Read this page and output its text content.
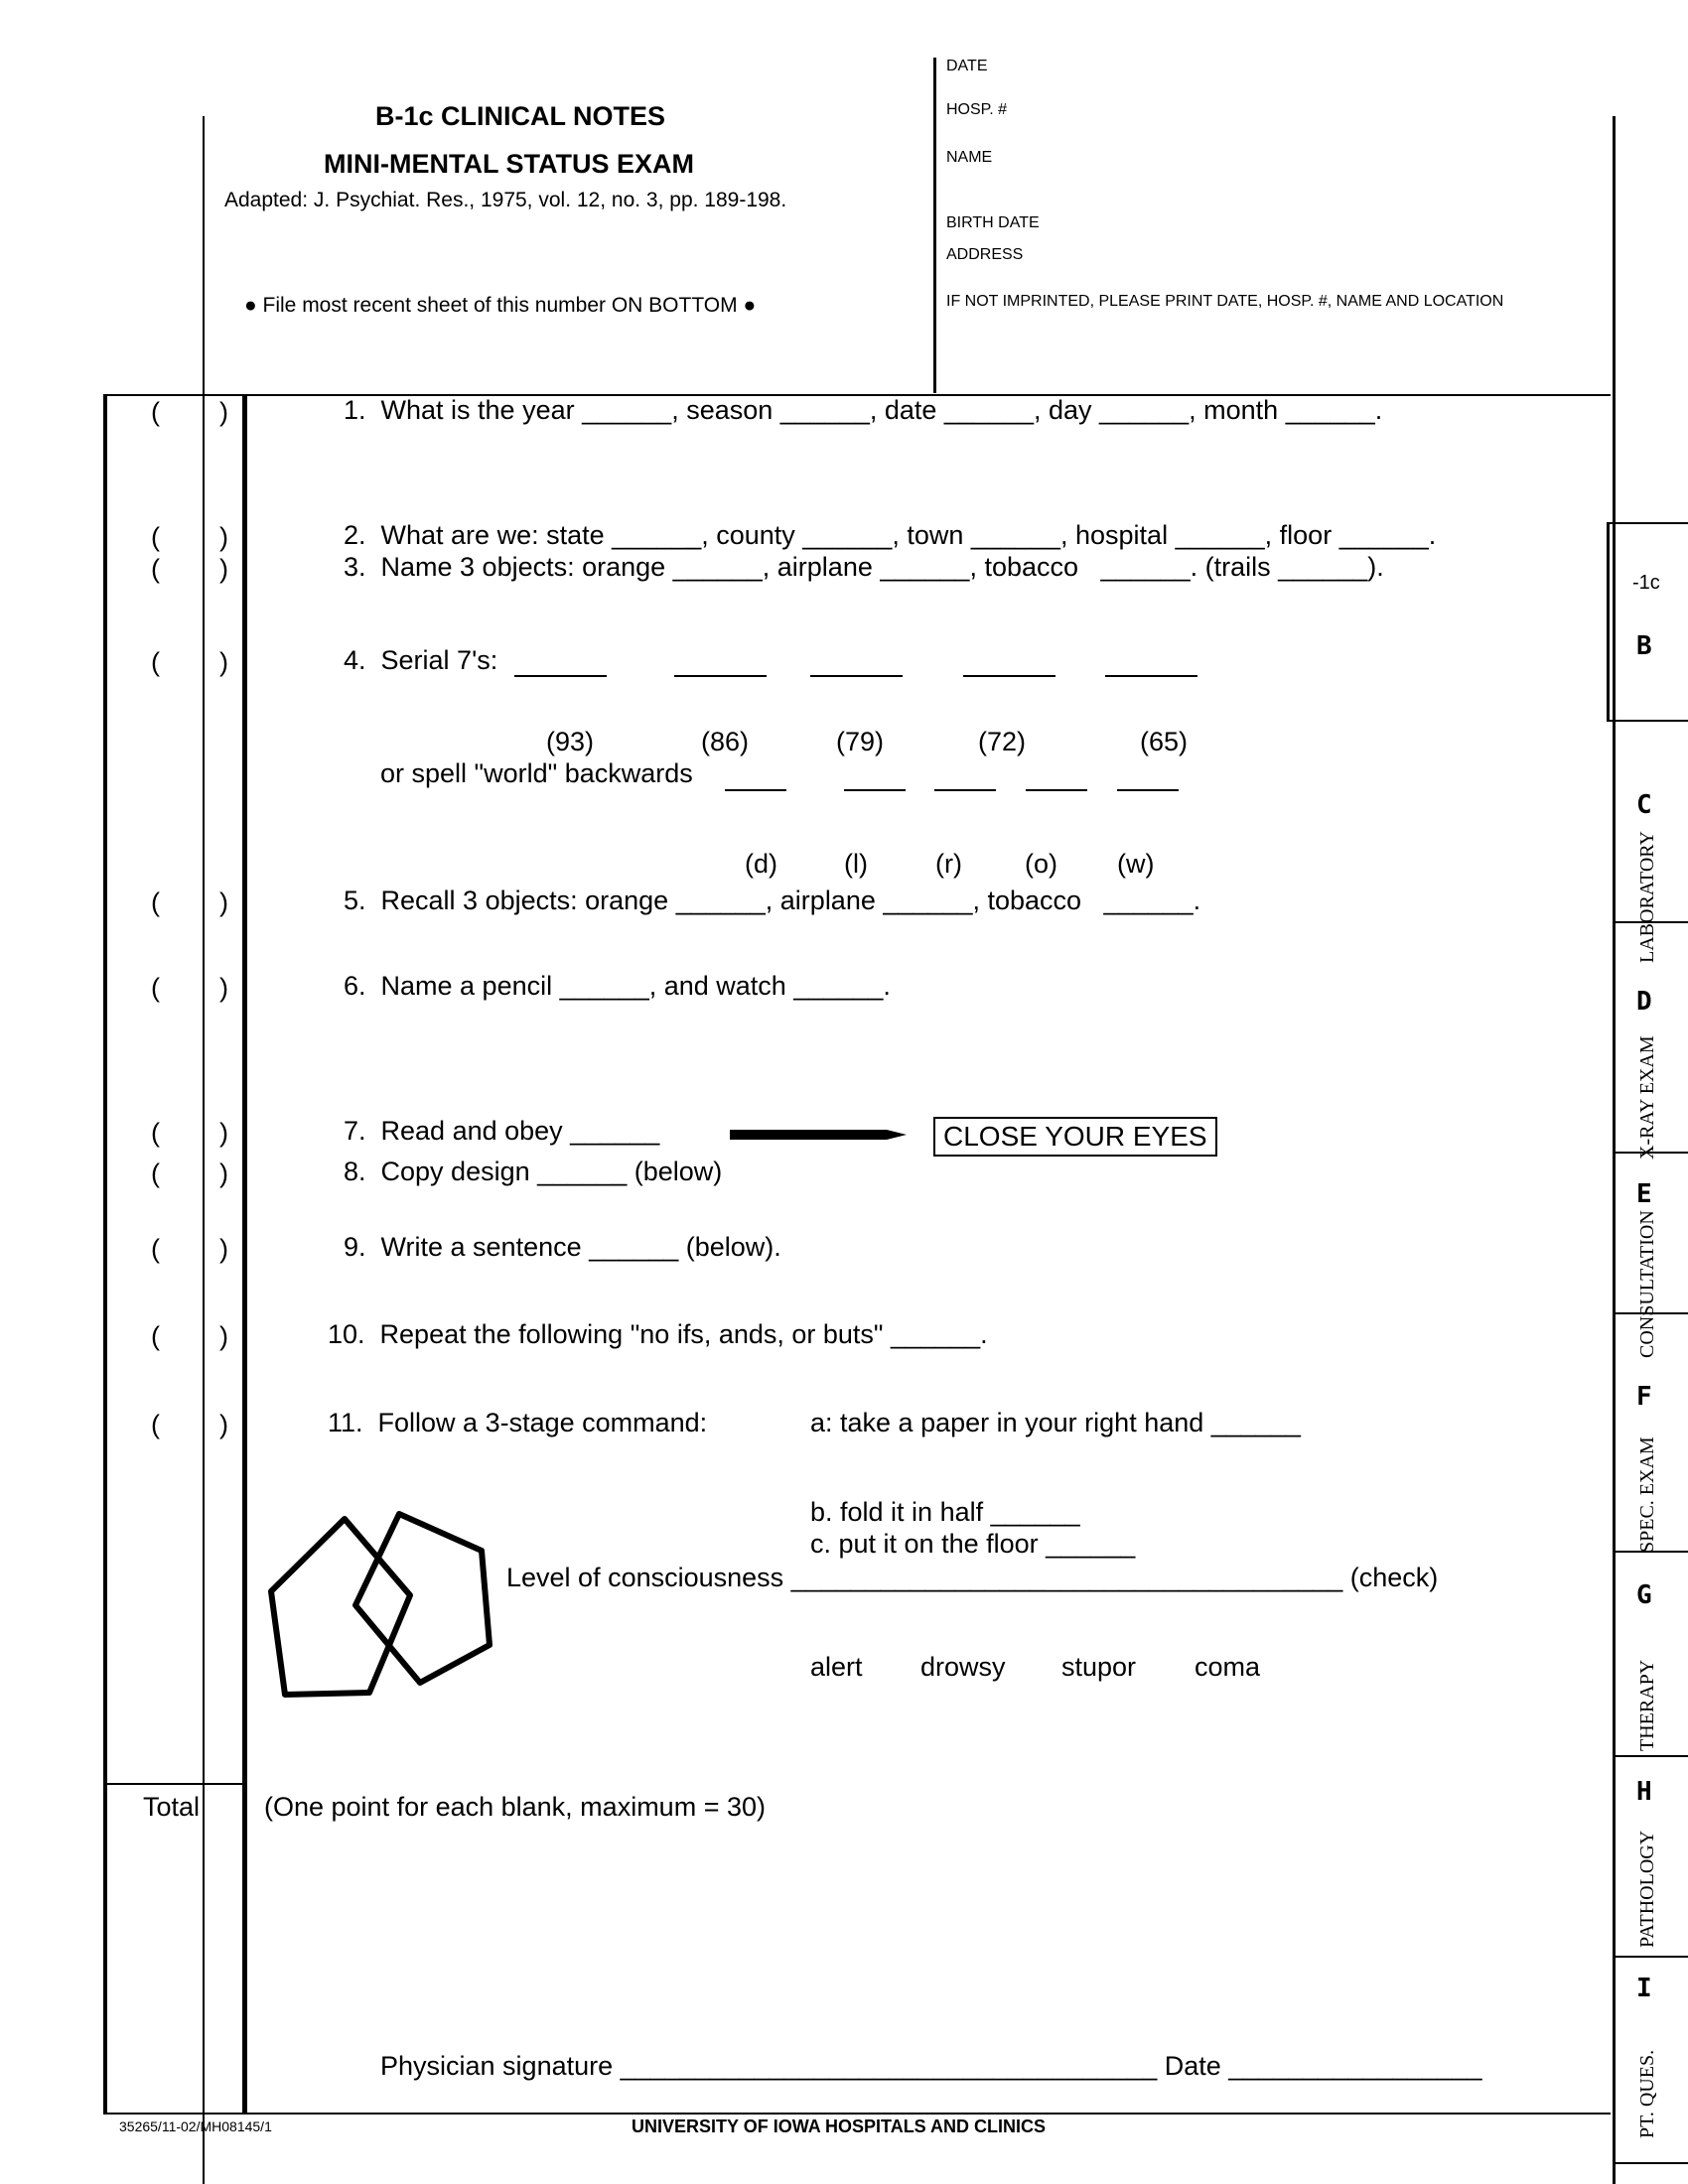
B-1c CLINICAL NOTES
MINI-MENTAL STATUS EXAM
Adapted: J. Psychiat. Res., 1975, vol. 12, no. 3, pp. 189-198.
● File most recent sheet of this number ON BOTTOM ●
DATE
HOSP. #
NAME
BIRTH DATE
ADDRESS
IF NOT IMPRINTED, PLEASE PRINT DATE, HOSP. #, NAME AND LOCATION
(        )
(        )
(        )
(        )
(        )
(        )
(        )
(        )
(        )
(        )
(        )
1.  What is the year ______, season ______, date ______, day ______, month ______.
2.  What are we: state ______, county ______, town ______, hospital ______, floor ______.
3.  Name 3 objects: orange ______, airplane ______, tobacco   ______. (trails ______).
4.  Serial 7's:
(93)	(86)	(79)	(72)	(65)
or spell "world" backwards
(d) (l)	(r) (o) (w)
5.  Recall 3 objects: orange ______, airplane ______, tobacco   ______.
6.  Name a pencil ______, and watch ______.
7.  Read and obey ______	CLOSE YOUR EYES
8.  Copy design ______ (below)
9.  Write a sentence ______ (below).
10.  Repeat the following "no ifs, ands, or buts" ______.
11.  Follow a 3-stage command:	a: take a paper in your right hand ______
b. fold it in half ______
c. put it on the floor ______
Level of consciousness _____________________________________ (check)
alert drowsy stupor coma
Total (One point for each blank, maximum = 30)
Physician signature ____________________________________ Date _________________
35265/11-02/MH08145/1	UNIVERSITY OF IOWA HOSPITALS AND CLINICS
-1c
B
C
LABORATORY
D
X-RAY EXAM
E
CONSULTATION
F
SPEC. EXAM
G
THERAPY
H
PATHOLOGY
I
PT. QUES.
